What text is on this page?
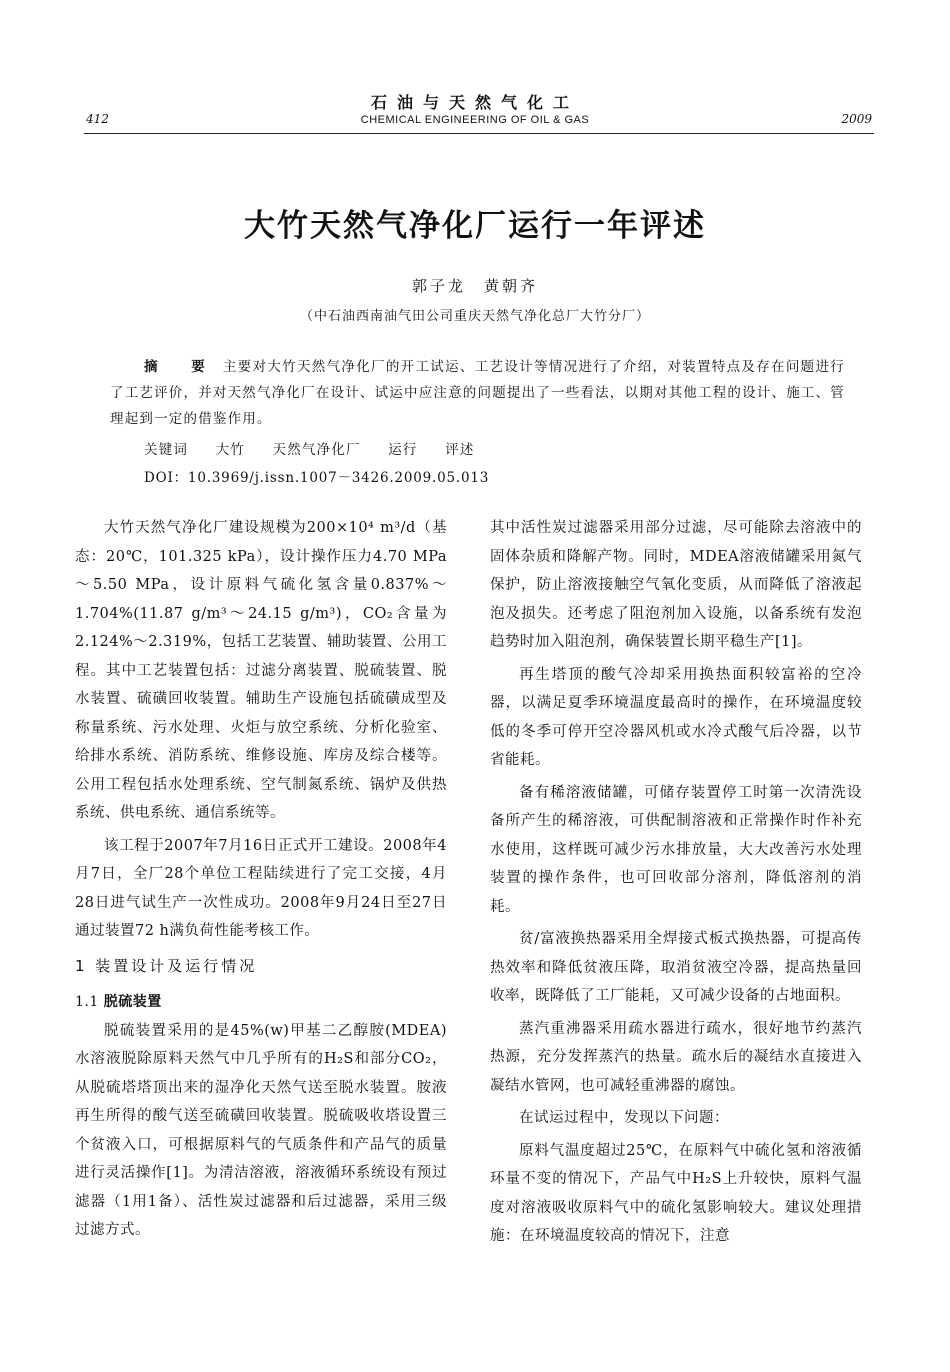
石油与天然气化工
412	CHEMICAL ENGINEERING OF OIL & GAS	2009
大竹天然气净化厂运行一年评述
郭子龙　黄朝齐
（中石油西南油气田公司重庆天然气净化总厂大竹分厂）
摘　要 主要对大竹天然气净化厂的开工试运、工艺设计等情况进行了介绍，对装置特点及存在问题进行了工艺评价，并对天然气净化厂在设计、试运中应注意的问题提出了一些看法，以期对其他工程的设计、施工、管理起到一定的借鉴作用。
关键词 大竹 天然气净化厂 运行 评述
DOI：10.3969/j.issn.1007－3426.2009.05.013

大竹天然气净化厂建设规模为200×10⁴ m³/d（基态：20℃，101.325 kPa），设计操作压力4.70 MPa～5.50 MPa，设计原料气硫化氢含量0.837%～1.704%(11.87 g/m³～24.15 g/m³)，CO₂含量为2.124%～2.319%，包括工艺装置、辅助装置、公用工程。其中工艺装置包括：过滤分离装置、脱硫装置、脱水装置、硫磺回收装置。辅助生产设施包括硫磺成型及称量系统、污水处理、火炬与放空系统、分析化验室、给排水系统、消防系统、维修设施、库房及综合楼等。公用工程包括水处理系统、空气制氮系统、锅炉及供热系统、供电系统、通信系统等。

该工程于2007年7月16日正式开工建设。2008年4月7日，全厂28个单位工程陆续进行了完工交接，4月28日进气试生产一次性成功。2008年9月24日至27日通过装置72 h满负荷性能考核工作。

1 装置设计及运行情况
1.1 脱硫装置

脱硫装置采用的是45%(w)甲基二乙醇胺(MDEA)水溶液脱除原料天然气中几乎所有的H₂S和部分CO₂，从脱硫塔塔顶出来的湿净化天然气送至脱水装置。胺液再生所得的酸气送至硫磺回收装置。脱硫吸收塔设置三个贫液入口，可根据原料气的气质条件和产品气的质量进行灵活操作[1]。为清洁溶液，溶液循环系统设有预过滤器（1用1备）、活性炭过滤器和后过滤器，采用三级过滤方式。

其中活性炭过滤器采用部分过滤，尽可能除去溶液中的固体杂质和降解产物。同时，MDEA溶液储罐采用氮气保护，防止溶液接触空气氧化变质，从而降低了溶液起泡及损失。还考虑了阻泡剂加入设施，以备系统有发泡趋势时加入阻泡剂，确保装置长期平稳生产[1]。

再生塔顶的酸气冷却采用换热面积较富裕的空冷器，以满足夏季环境温度最高时的操作，在环境温度较低的冬季可停开空冷器风机或水冷式酸气后冷器，以节省能耗。

备有稀溶液储罐，可储存装置停工时第一次清洗设备所产生的稀溶液，可供配制溶液和正常操作时作补充水使用，这样既可减少污水排放量，大大改善污水处理装置的操作条件，也可回收部分溶剂，降低溶剂的消耗。

贫/富液换热器采用全焊接式板式换热器，可提高传热效率和降低贫液压降，取消贫液空冷器，提高热量回收率，既降低了工厂能耗，又可减少设备的占地面积。

蒸汽重沸器采用疏水器进行疏水，很好地节约蒸汽热源，充分发挥蒸汽的热量。疏水后的凝结水直接进入凝结水管网，也可减轻重沸器的腐蚀。

在试运过程中，发现以下问题：

原料气温度超过25℃，在原料气中硫化氢和溶液循环量不变的情况下，产品气中H₂S上升较快，原料气温度对溶液吸收原料气中的硫化氢影响较大。建议处理措施：在环境温度较高的情况下，注意
